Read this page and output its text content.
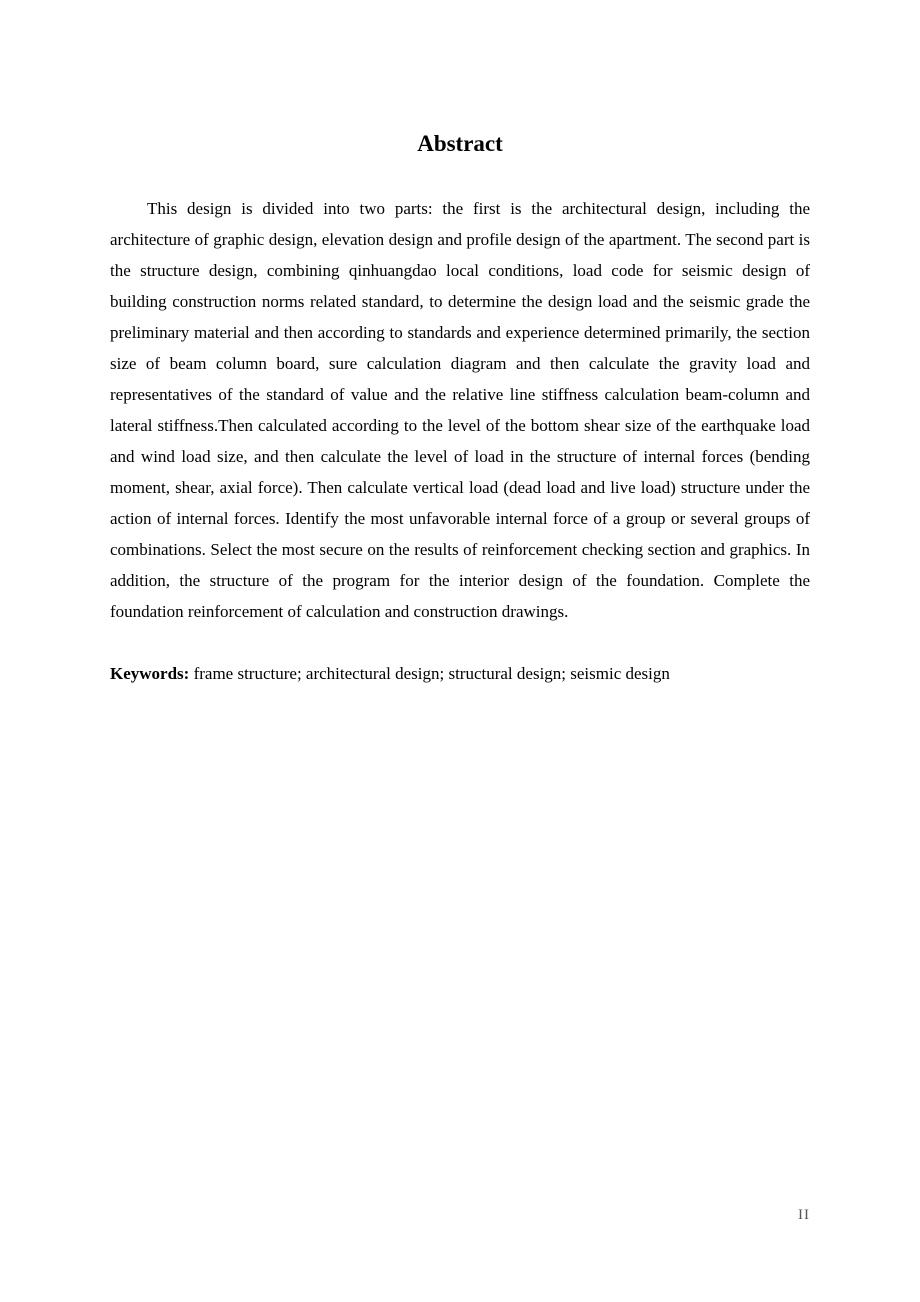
Abstract

This design is divided into two parts: the first is the architectural design, including the architecture of graphic design, elevation design and profile design of the apartment. The second part is the structure design, combining qinhuangdao local conditions, load code for seismic design of building construction norms related standard, to determine the design load and the seismic grade the preliminary material and then according to standards and experience determined primarily, the section size of beam column board, sure calculation diagram and then calculate the gravity load and representatives of the standard of value and the relative line stiffness calculation beam-column and lateral stiffness.Then calculated according to the level of the bottom shear size of the earthquake load and wind load size, and then calculate the level of load in the structure of internal forces (bending moment, shear, axial force). Then calculate vertical load (dead load and live load) structure under the action of internal forces. Identify the most unfavorable internal force of a group or several groups of combinations. Select the most secure on the results of reinforcement checking section and graphics. In addition, the structure of the program for the interior design of the foundation. Complete the foundation reinforcement of calculation and construction drawings.

Keywords: frame structure; architectural design; structural design; seismic design

II
